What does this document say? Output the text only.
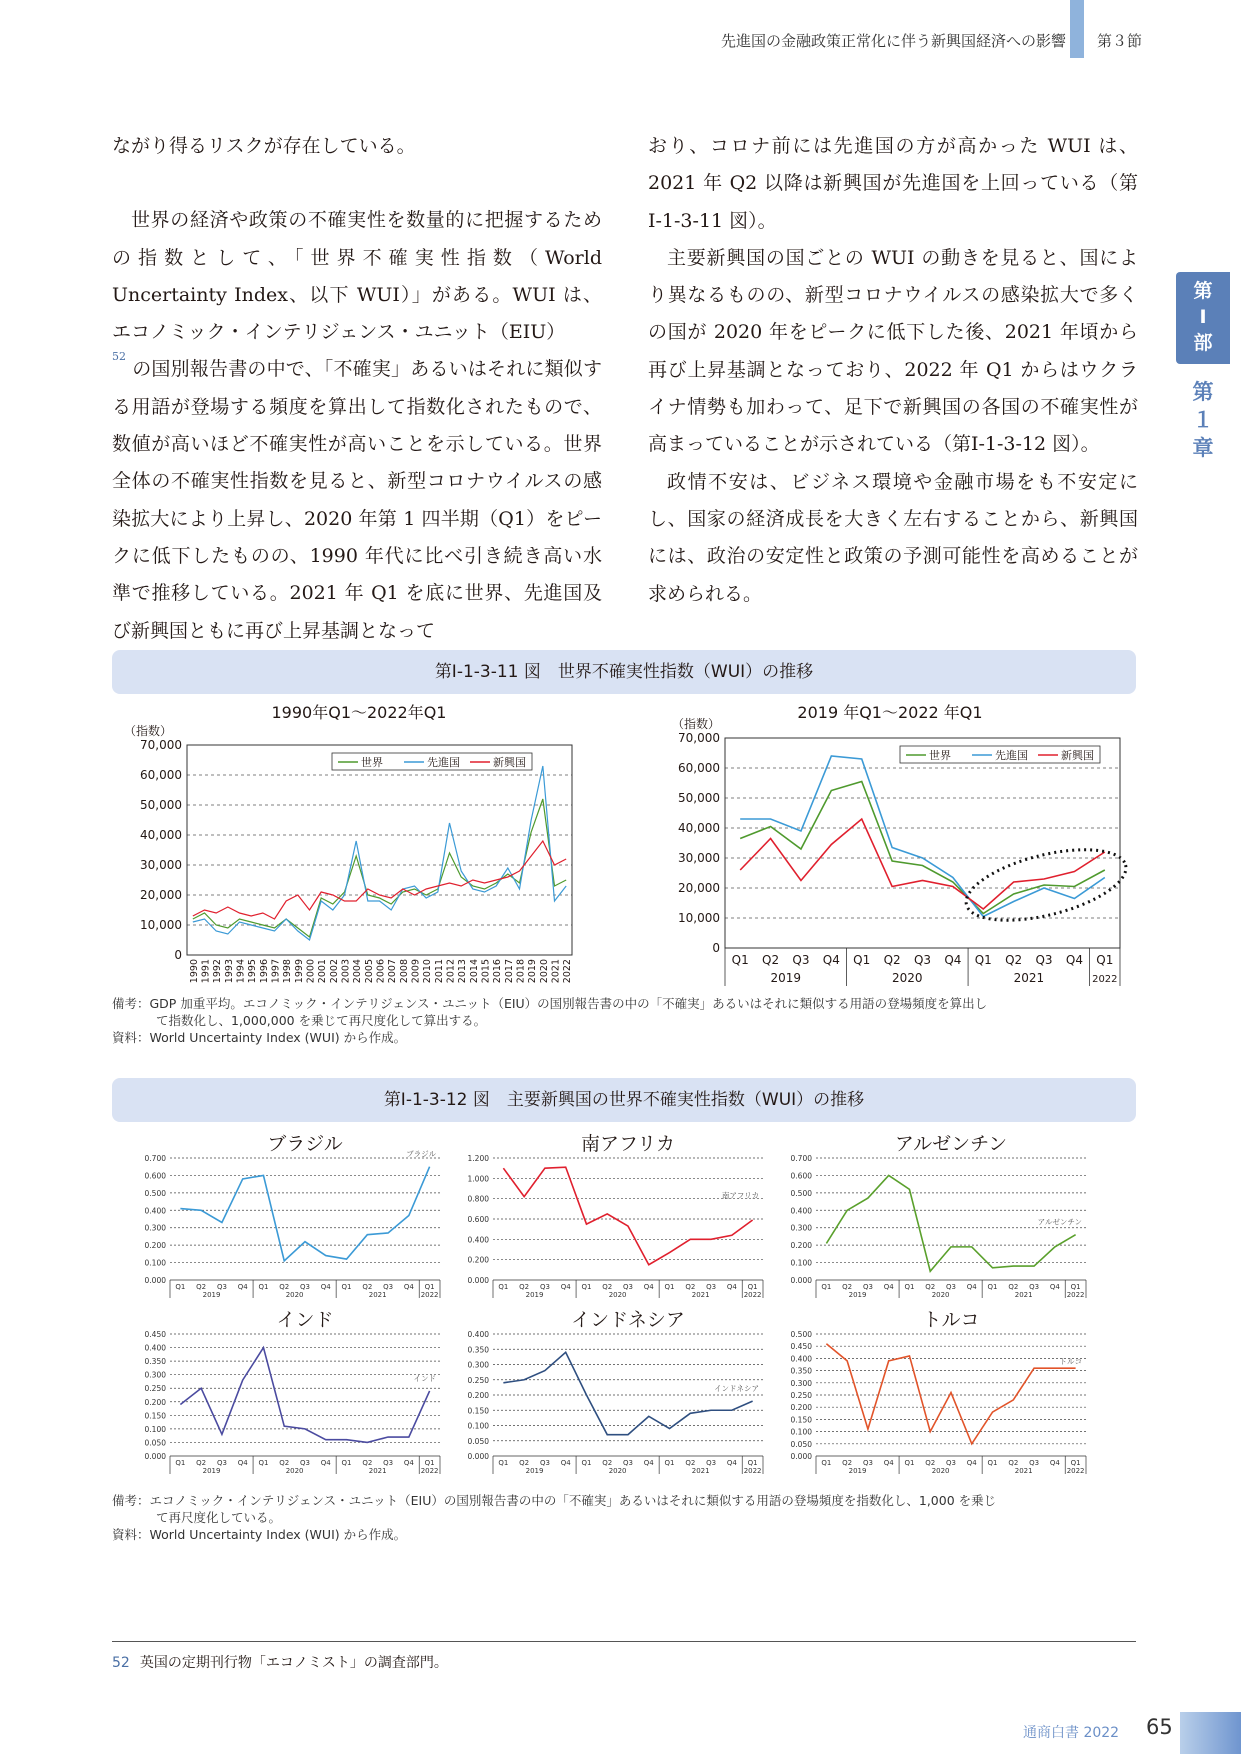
先進国の金融政策正常化に伴う新興国経済への影響 第３節
第
Ⅰ
部
第
１
章

ながり得るリスクが存在している。

世界の経済や政策の不確実性を数量的に把握するための指数として、「世界不確実性指数（World Uncertainty Index、以下 WUI）」がある。WUI は、エコノミック・インテリジェンス・ユニット（EIU）
$^{52}$ の国別報告書の中で、「不確実」あるいはそれに類似する用語が登場する頻度を算出して指数化されたもので、数値が高いほど不確実性が高いことを示している。世界全体の不確実性指数を見ると、新型コロナウイルスの感染拡大により上昇し、2020 年第 1 四半期（Q1）をピークに低下したものの、1990 年代に比べ引き続き高い水準で推移している。2021 年 Q1 を底に世界、先進国及び新興国ともに再び上昇基調となって

おり、コロナ前には先進国の方が高かった WUI は、2021 年 Q2 以降は新興国が先進国を上回っている（第Ⅰ-1-3-11 図）。

主要新興国の国ごとの WUI の動きを見ると、国により異なるものの、新型コロナウイルスの感染拡大で多くの国が 2020 年をピークに低下した後、2021 年頃から再び上昇基調となっており、2022 年 Q1 からはウクライナ情勢も加わって、足下で新興国の各国の不確実性が高まっていることが示されている（第Ⅰ-1-3-12 図）。

政情不安は、ビジネス環境や金融市場をも不安定にし、国家の経済成長を大きく左右することから、新興国には、政治の安定性と政策の予測可能性を高めることが求められる。

第Ⅰ-1-3-11 図　世界不確実性指数（WUI）の推移
1990年Q1～2022年Q1
（指数）
70,000
60,000
50,000
40,000
30,000
20,000
10,000
0
世界	先進国	新興国
1990 1991 1992 1993 1994 1995 1996 1997 1998 1999 2000 2001 2002 2003 2004 2005 2006 2007 2008 2009 2010 2011 2012 2013 2014 2015 2016 2017 2018 2019 2020 2021 2022
2019 年Q1～2022 年Q1
（指数）
70,000
60,000
50,000
40,000
30,000
20,000
10,000
0
世界	先進国	新興国
Q1 Q2 Q3 Q4 Q1 Q2 Q3 Q4 Q1 Q2 Q3 Q4 Q1
2019	2020	2021	2022
備考：GDP 加重平均。エコノミック・インテリジェンス・ユニット（EIU）の国別報告書の中の「不確実」あるいはそれに類似する用語の登場頻度を算出し
て指数化し、1,000,000 を乗じて再尺度化して算出する。
資料：World Uncertainty Index (WUI) から作成。
第Ⅰ-1-3-12 図　主要新興国の世界不確実性指数（WUI）の推移
ブラジル
0.700
0.600
0.500
0.400
0.300
0.200
0.100
0.000
Q1 Q2 Q3 Q4 Q1 Q2 Q3 Q4 Q1 Q2 Q3 Q4 Q1
2019	2020	2021	2022
ブラジル	南アフリカ
1.200
1.000
0.800
0.600
0.400
0.200
0.000
Q1 Q2 Q3 Q4 Q1 Q2 Q3 Q4 Q1 Q2 Q3 Q4 Q1
2019	2020	2021	2022
南アフリカ
アルゼンチン
0.700
0.600
0.500
0.400
0.300
0.200
0.100
0.000
Q1 Q2 Q3 Q4 Q1 Q2 Q3 Q4 Q1 Q2 Q3 Q4 Q1
2019	2020	2021	2022
アルゼンチン
インド
0.450
0.400
0.350
0.300
0.250
0.200
0.150
0.100
0.050
0.000
Q1 Q2 Q3 Q4 Q1 Q2 Q3 Q4 Q1 Q2 Q3 Q4 Q1
2019	2020	2021	2022
インド
インドネシア
0.400
0.350
0.300
0.250
0.200
0.150
0.100
0.050
0.000
Q1 Q2 Q3 Q4 Q1 Q2 Q3 Q4 Q1 Q2 Q3 Q4 Q1
2019	2020	2021	2022
インドネシア
トルコ
0.500
0.450
0.400
0.350
0.300
0.250
0.200
0.150
0.100
0.050
0.000
Q1 Q2 Q3 Q4 Q1 Q2 Q3 Q4 Q1 Q2 Q3 Q4 Q1
2019	2020	2021	2022
トルコ
備考：エコノミック・インテリジェンス・ユニット（EIU）の国別報告書の中の「不確実」あるいはそれに類似する用語の登場頻度を指数化し、1,000 を乗じ
て再尺度化している。
資料：World Uncertainty Index (WUI) から作成。
52 英国の定期刊行物「エコノミスト」の調査部門。
通商白書 2022 65
